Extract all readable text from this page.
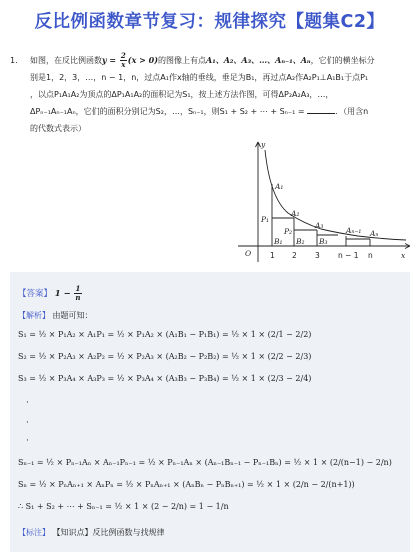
反比例函数章节复习：规律探究【题集C2】
1. 如图，在反比例函数$y = \frac{2}{x} (x > 0)$的图像上有点A₁、A₂、A₃、…、Aₙ₋₁、Aₙ，它们的横坐标分
别是1，2，3，…，n − 1，n，过点A₁作x轴的垂线，垂足为B₁，再过点A₂作A₂P₁⊥A₁B₁于点P₁
，以点P₁A₁A₂为顶点的ΔP₁A₁A₂的面积记为S₁，按上述方法作图，可得ΔP₂A₂A₃，…，
ΔPₙ₋₁Aₙ₋₁Aₙ，它们的面积分别记为S₂，…，Sₙ₋₁，则S₁ + S₂ + ⋯ + Sₙ₋₁ =	．（用含n
的代数式表示）
y
x
O
A₁
A₂
A₃
Aₙ₋₁ Aₙ
P₁
P₂
B₁ B₂ B₃
1 2 3 n − 1 n
【答案】 $1 - \frac{1}{n}$
【解析】 由题可知：
S₁ = ½ × P₁A₂ × A₁P₁ = ½ × P₁A₂ × (A₁B₁ − P₁B₁) = ½ × 1 × (2/1 − 2/2)
S₂ = ½ × P₂A₃ × A₂P₂ = ½ × P₂A₃ × (A₂B₂ − P₂B₂) = ½ × 1 × (2/2 − 2/3)
S₃ = ½ × P₃A₄ × A₃P₃ = ½ × P₃A₄ × (A₃B₃ − P₃B₄) = ½ × 1 × (2/3 − 2/4)
·
·
·
Sₙ₋₁ = ½ × Pₙ₋₁Aₙ × Aₙ₋₁Pₙ₋₁ = ½ × Pₙ₋₁Aₙ × (Aₙ₋₁Bₙ₋₁ − Pₙ₋₁Bₙ) = ½ × 1 × (2/(n−1) − 2/n)
Sₙ = ½ × PₙAₙ₊₁ × AₙPₙ = ½ × PₙAₙ₊₁ × (AₙBₙ − PₙBₙ₊₁) = ½ × 1 × (2/n − 2/(n+1))
∴ S₁ + S₂ + ⋯ + Sₙ₋₁ = ½ × 1 × (2 − 2/n) = 1 − 1/n
【标注】 【知识点】反比例函数与找规律
